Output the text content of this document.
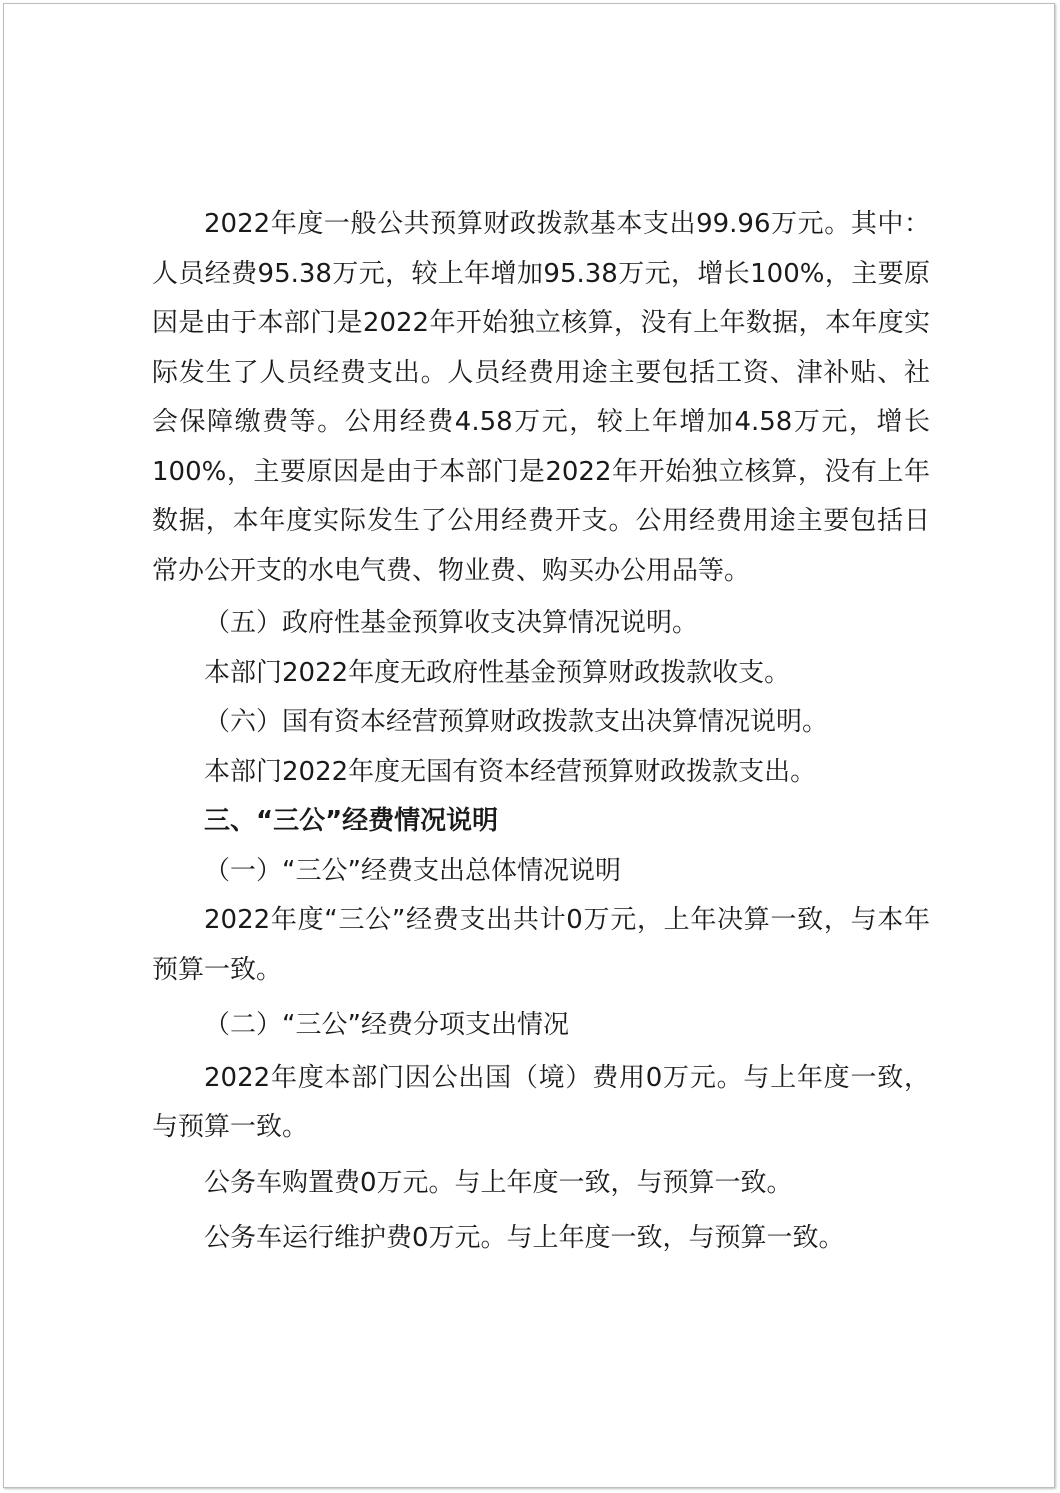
2022年度一般公共预算财政拨款基本支出99.96万元。其中：人员经费95.38万元，较上年增加95.38万元，增长100%，主要原因是由于本部门是2022年开始独立核算，没有上年数据，本年度实际发生了人员经费支出。人员经费用途主要包括工资、津补贴、社会保障缴费等。公用经费4.58万元，较上年增加4.58万元，增长100%，主要原因是由于本部门是2022年开始独立核算，没有上年数据，本年度实际发生了公用经费开支。公用经费用途主要包括日常办公开支的水电气费、物业费、购买办公用品等。

（五）政府性基金预算收支决算情况说明。

本部门2022年度无政府性基金预算财政拨款收支。

（六）国有资本经营预算财政拨款支出决算情况说明。

本部门2022年度无国有资本经营预算财政拨款支出。

三、“三公”经费情况说明

（一）“三公”经费支出总体情况说明

2022年度“三公”经费支出共计0万元，上年决算一致，与本年预算一致。

（二）“三公”经费分项支出情况

2022年度本部门因公出国（境）费用0万元。与上年度一致，与预算一致。

公务车购置费0万元。与上年度一致，与预算一致。

公务车运行维护费0万元。与上年度一致，与预算一致。
